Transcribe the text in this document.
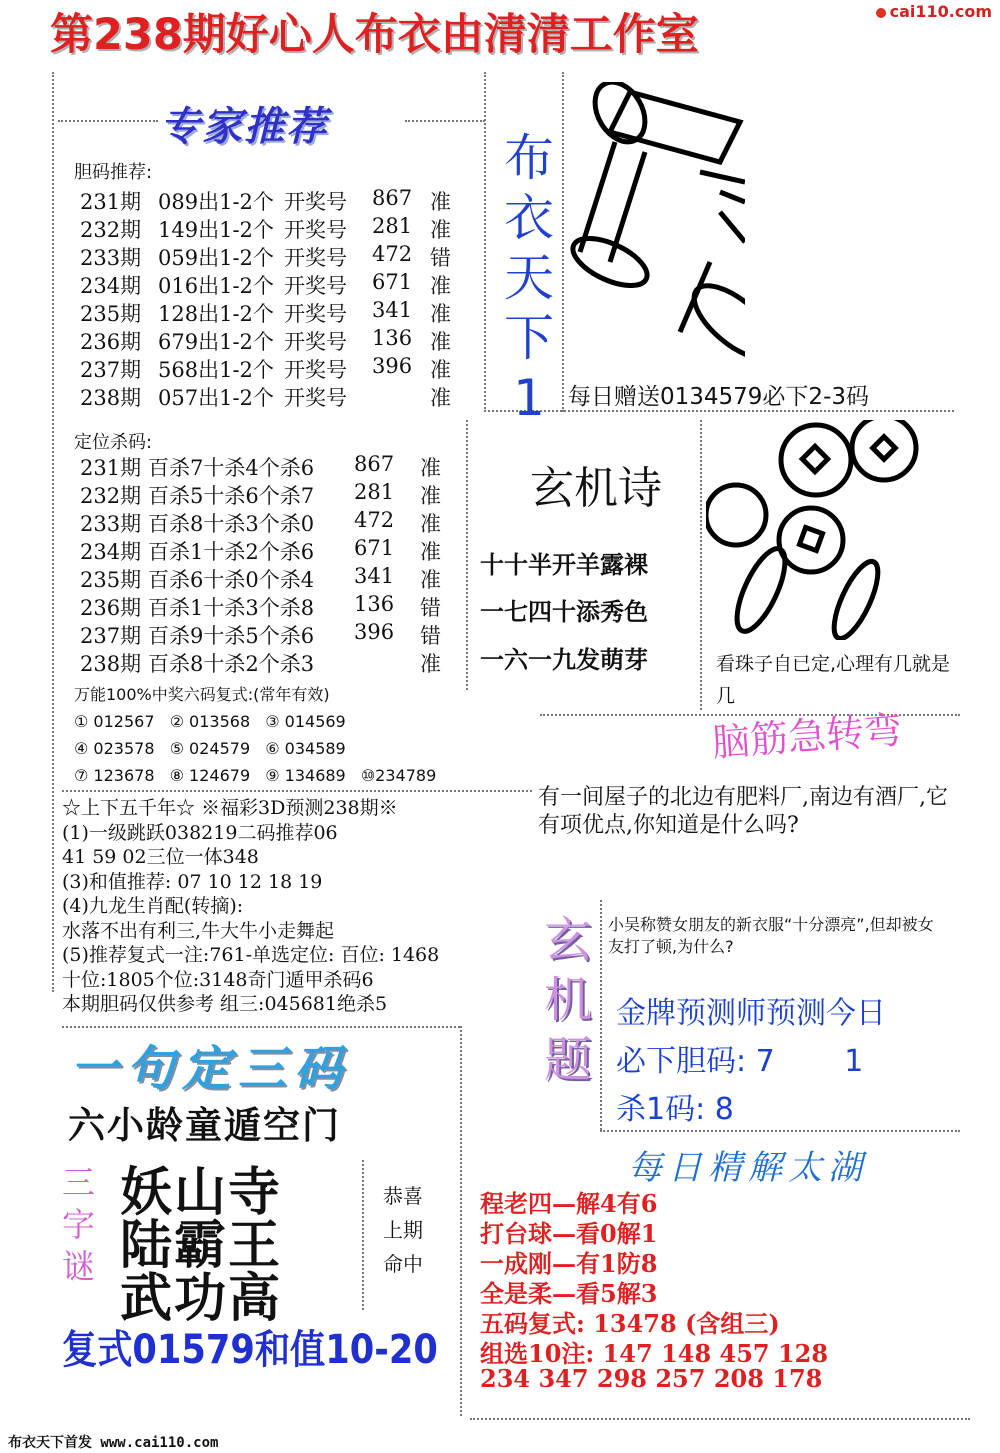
cai110.com
第238期好心人布衣由清清工作室
专家推荐
胆码推荐:
231期 089出1-2个 开奖号 867 准
232期 149出1-2个 开奖号 281 准
233期 059出1-2个 开奖号 472 错
234期 016出1-2个 开奖号 671 准
235期 128出1-2个 开奖号 341 准
236期 679出1-2个 开奖号 136 准
237期 568出1-2个 开奖号 396 准
238期 057出1-2个 开奖号	准
定位杀码:
231期 百杀7十杀4个杀6 867 准
232期 百杀5十杀6个杀7 281 准
233期 百杀8十杀3个杀0 472 准
234期 百杀1十杀2个杀6 671 准
235期 百杀6十杀0个杀4 341 准
236期 百杀1十杀3个杀8 136 错
237期 百杀9十杀5个杀6 396 错
238期 百杀8十杀2个杀3	准
万能100%中奖六码复式:(常年有效)
① 012567 ② 013568 ③ 014569
④ 023578 ⑤ 024579 ⑥ 034589
⑦ 123678 ⑧ 124679 ⑨ 134689 ⑩234789
☆上下五千年☆ ※福彩3D预测238期※
(1)一级跳跃038219二码推荐06
41 59 02三位一体348
(3)和值推荐: 07 10 12 18 19
(4)九龙生肖配(转摘):
水落不出有利三,牛大牛小走舞起
(5)推荐复式一注:761-单选定位: 百位: 1468
十位:1805个位:3148奇门遁甲杀码6
本期胆码仅供参考 组三:045681绝杀5
一句定三码
六小龄童遁空门
三
字
谜
妖山寺
陆霸王
武功高
恭喜
上期
命中
复式01579和值10-20
布衣天下首发 www.cai110.com
布
衣
天
下
1	每日赠送0134579必下2-3码
玄机诗
十十半开羊露裸
一七四十添秀色
一六一九发萌芽	看珠子自已定,心理有几就是几
脑筋急转弯
有一间屋子的北边有肥料厂,南边有酒厂,它有项优点,你知道是什么吗?
玄
机
题
小吴称赞女朋友的新衣服“十分漂亮”,但却被女友打了顿,为什么?
金牌预测师预测今日
必下胆码: 7　　 1
杀1码: 8
每日精解太湖
程老四—解4有6
打台球—看0解1
一成刚—有1防8
全是柔—看5解3
五码复式: 13478 (含组三)
组选10注: 147 148 457 128
234 347 298 257 208 178
